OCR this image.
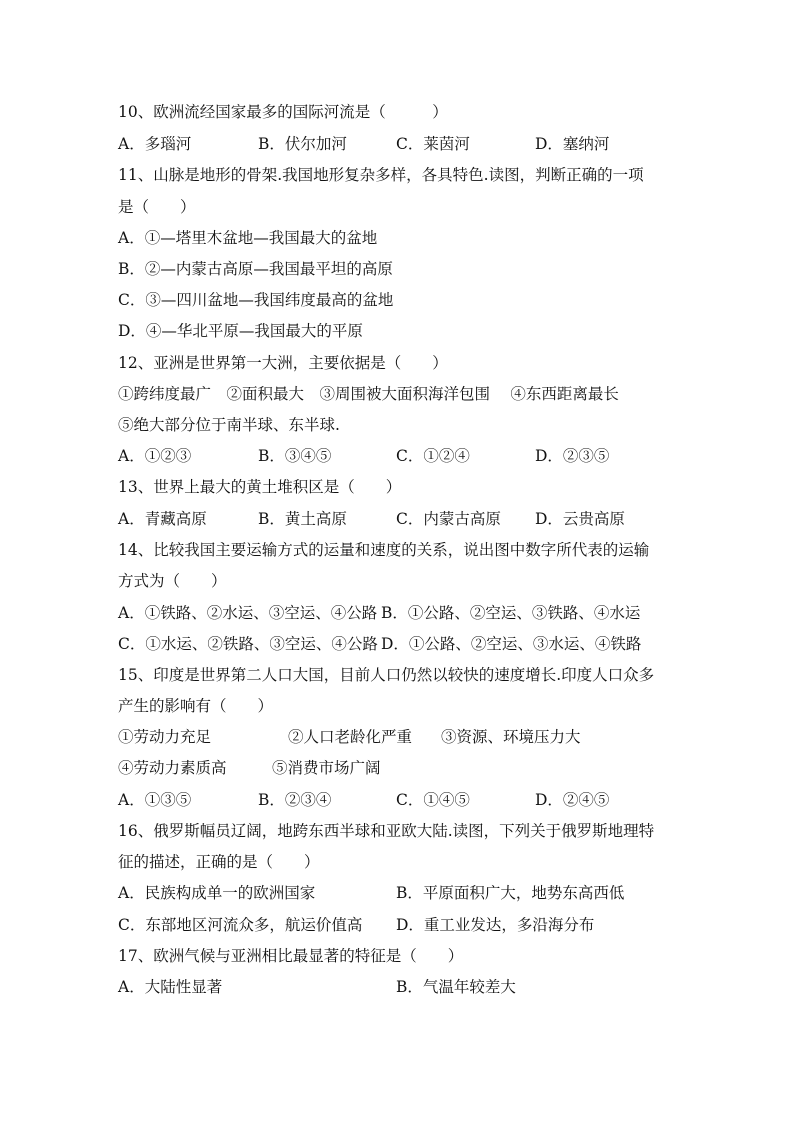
10、欧洲流经国家最多的国际河流是（　　　）
A．多瑙河	B．伏尔加河	C．莱茵河	D．塞纳河
11、山脉是地形的骨架.我国地形复杂多样，各具特色.读图，判断正确的一项
是（　　）
A．①—塔里木盆地—我国最大的盆地
B．②—内蒙古高原—我国最平坦的高原
C．③—四川盆地—我国纬度最高的盆地
D．④—华北平原—我国最大的平原
12、亚洲是世界第一大洲，主要依据是（　　）
①跨纬度最广　②面积最大　③周围被大面积海洋包围　 ④东西距离最长
⑤绝大部分位于南半球、东半球.
A．①②③	B．③④⑤	C．①②④	D．②③⑤
13、世界上最大的黄土堆积区是（　　）
A．青藏高原	B．黄土高原	C．内蒙古高原 D．云贵高原
14、比较我国主要运输方式的运量和速度的关系，说出图中数字所代表的运输
方式为（　　）
A．①铁路、②水运、③空运、④公路 B．①公路、②空运、③铁路、④水运
C．①水运、②铁路、③空运、④公路 D．①公路、②空运、③水运、④铁路
15、印度是世界第二人口大国，目前人口仍然以较快的速度增长.印度人口众多
产生的影响有（　　）
①劳动力充足	②人口老龄化严重 ③资源、环境压力大
④劳动力素质高	⑤消费市场广阔
A．①③⑤	B．②③④	C．①④⑤	D．②④⑤
16、俄罗斯幅员辽阔，地跨东西半球和亚欧大陆.读图，下列关于俄罗斯地理特
征的描述，正确的是（　　）
A．民族构成单一的欧洲国家	B．平原面积广大，地势东高西低
C．东部地区河流众多，航运价值高 D．重工业发达，多沿海分布
17、欧洲气候与亚洲相比最显著的特征是（　　）
A．大陆性显著	B．气温年较差大
